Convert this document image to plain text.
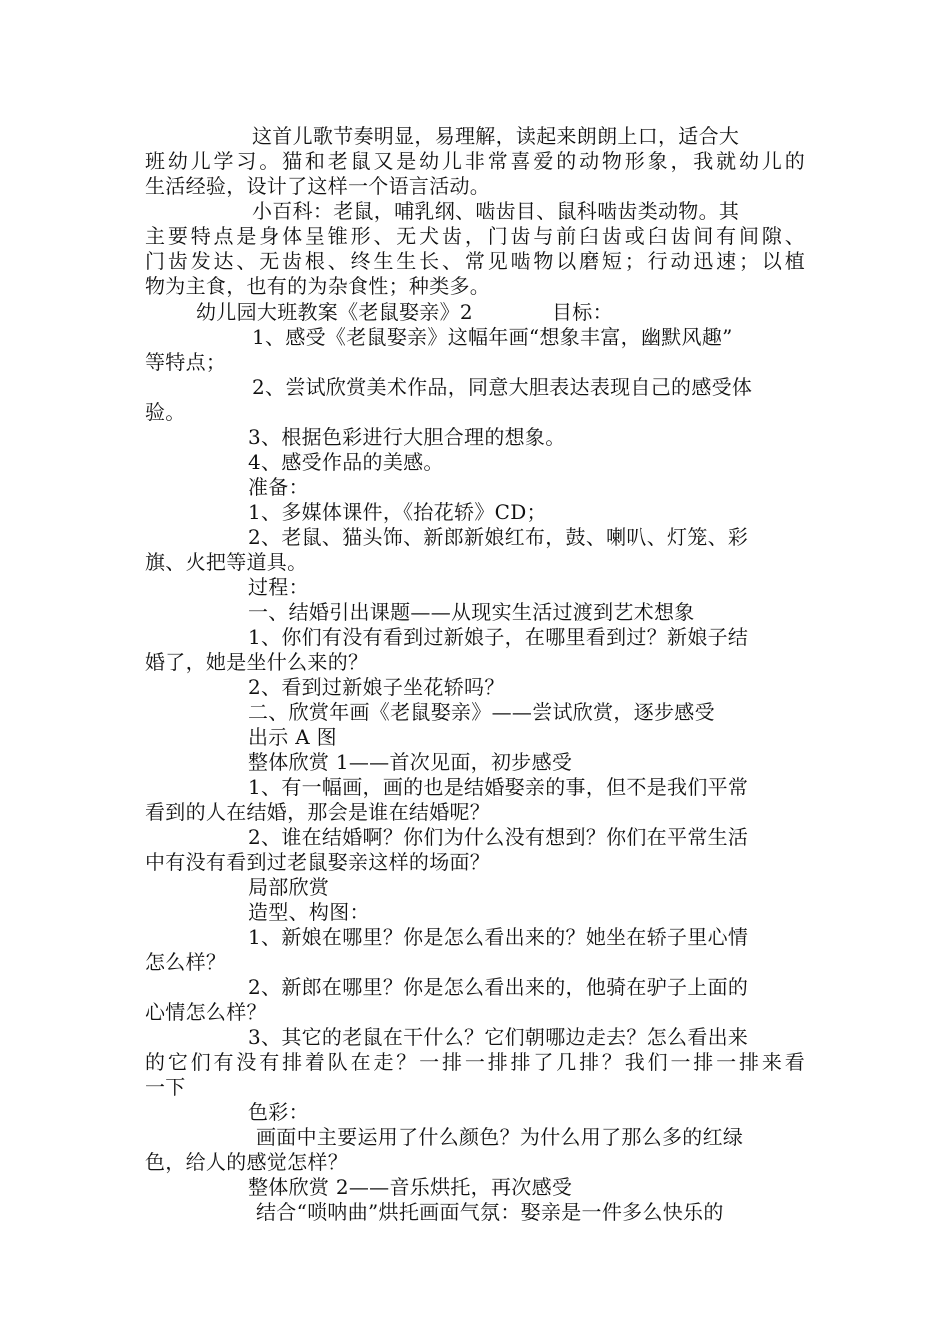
这首儿歌节奏明显，易理解，读起来朗朗上口，适合大
班幼儿学习。猫和老鼠又是幼儿非常喜爱的动物形象，我就幼儿的
生活经验，设计了这样一个语言活动。
小百科：老鼠，哺乳纲、啮齿目、鼠科啮齿类动物。其
主要特点是身体呈锥形、无犬齿，门齿与前臼齿或臼齿间有间隙、
门齿发达、无齿根、终生生长、常见啮物以磨短；行动迅速；以植
物为主食，也有的为杂食性；种类多。
幼儿园大班教案《老鼠娶亲》2	目标：
1、感受《老鼠娶亲》这幅年画“想象丰富，幽默风趣”
等特点；
2、尝试欣赏美术作品，同意大胆表达表现自己的感受体
验。
3、根据色彩进行大胆合理的想象。
4、感受作品的美感。
准备：
1、多媒体课件，《抬花轿》CD；
2、老鼠、猫头饰、新郎新娘红布，鼓、喇叭、灯笼、彩
旗、火把等道具。
过程：
一、结婚引出课题——从现实生活过渡到艺术想象
1、你们有没有看到过新娘子，在哪里看到过？新娘子结
婚了，她是坐什么来的？
2、看到过新娘子坐花轿吗？
二、欣赏年画《老鼠娶亲》——尝试欣赏，逐步感受
出示 A 图
整体欣赏 1——首次见面，初步感受
1、有一幅画，画的也是结婚娶亲的事，但不是我们平常
看到的人在结婚，那会是谁在结婚呢？
2、谁在结婚啊？你们为什么没有想到？你们在平常生活
中有没有看到过老鼠娶亲这样的场面？
局部欣赏
造型、构图：
1、新娘在哪里？你是怎么看出来的？她坐在轿子里心情
怎么样？
2、新郎在哪里？你是怎么看出来的，他骑在驴子上面的
心情怎么样？
3、其它的老鼠在干什么？它们朝哪边走去？怎么看出来
的它们有没有排着队在走？一排一排排了几排？我们一排一排来看
一下
色彩：
画面中主要运用了什么颜色？为什么用了那么多的红绿
色，给人的感觉怎样？
整体欣赏 2——音乐烘托，再次感受
结合“唢呐曲”烘托画面气氛：娶亲是一件多么快乐的
